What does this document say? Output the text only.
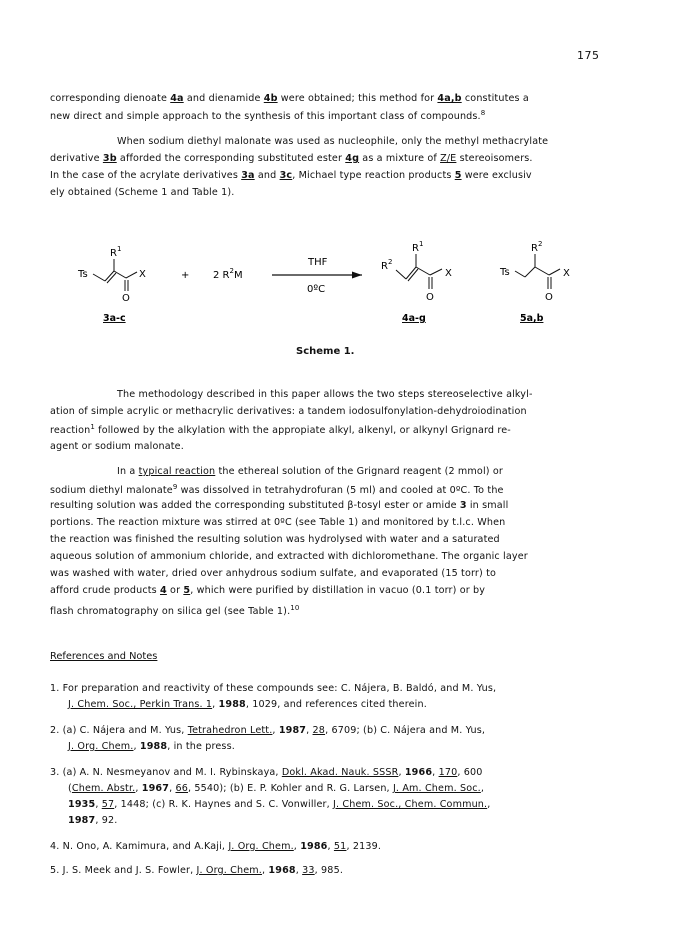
175
corresponding dienoate 4a and dienamide 4b were obtained; this method for 4a,b constitutes a
new direct and simple approach to the synthesis of this important class of compounds.$^8$
When sodium diethyl malonate was used as nucleophile, only the methyl methacrylate
derivative 3b afforded the corresponding substituted ester 4g as a mixture of Z/E stereoisomers.
In the case of the acrylate derivatives 3a and 3c, Michael type reaction products 5 were exclusiv
ely obtained (Scheme 1 and Table 1).
$R^1$
Ts	X
O
+ 2 $R^2M$
THF
0ºC
$R^1$
$R^2$
X
O
$R^2$
Ts	X
O
3a-c	4a-g	5a,b
Scheme 1.
The methodology described in this paper allows the two steps stereoselective alkyl-
ation of simple acrylic or methacrylic derivatives: a tandem iodosulfonylation-dehydroiodination
reaction$^1$ followed by the alkylation with the appropiate alkyl, alkenyl, or alkynyl Grignard re-
agent or sodium malonate.
In a typical reaction the ethereal solution of the Grignard reagent (2 mmol) or
sodium diethyl malonate$^9$ was dissolved in tetrahydrofuran (5 ml) and cooled at 0ºC. To the
resulting solution was added the corresponding substituted β-tosyl ester or amide 3 in small
portions. The reaction mixture was stirred at 0ºC (see Table 1) and monitored by t.l.c. When
the reaction was finished the resulting solution was hydrolysed with water and a saturated
aqueous solution of ammonium chloride, and extracted with dichloromethane. The organic layer
was washed with water, dried over anhydrous sodium sulfate, and evaporated (15 torr) to
afford crude products 4 or 5, which were purified by distillation in vacuo (0.1 torr) or by
flash chromatography on silica gel (see Table 1).$^{10}$
References and Notes
1. For preparation and reactivity of these compounds see: C. Nájera, B. Baldó, and M. Yus,
J. Chem. Soc., Perkin Trans. 1, 1988, 1029, and references cited therein.
2. (a) C. Nájera and M. Yus, Tetrahedron Lett., 1987, 28, 6709; (b) C. Nájera and M. Yus,
J. Org. Chem., 1988, in the press.
3. (a) A. N. Nesmeyanov and M. I. Rybinskaya, Dokl. Akad. Nauk. SSSR, 1966, 170, 600
(Chem. Abstr., 1967, 66, 5540); (b) E. P. Kohler and R. G. Larsen, J. Am. Chem. Soc.,
1935, 57, 1448; (c) R. K. Haynes and S. C. Vonwiller, J. Chem. Soc., Chem. Commun.,
1987, 92.
4. N. Ono, A. Kamimura, and A.Kaji, J. Org. Chem., 1986, 51, 2139.
5. J. S. Meek and J. S. Fowler, J. Org. Chem., 1968, 33, 985.
